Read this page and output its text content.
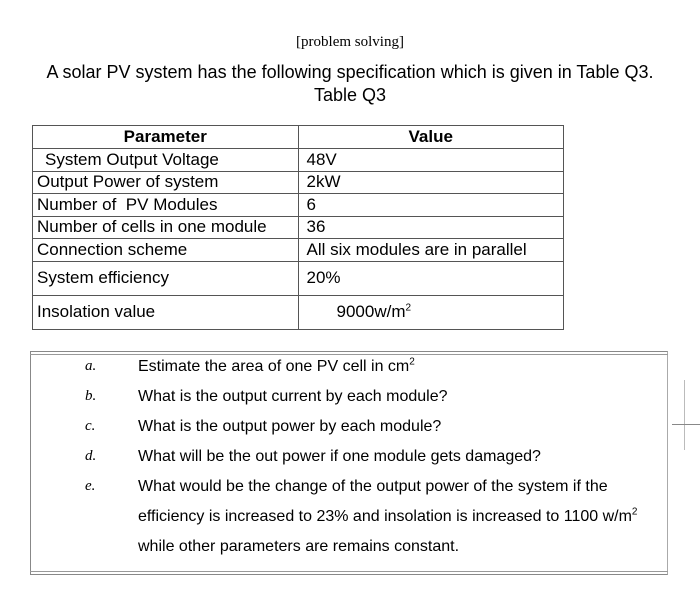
[problem solving]
A solar PV system has the following specification which is given in Table Q3.
Table Q3
Parameter	Value
System Output Voltage	48V
Output Power of system	2kW
Number of  PV Modules	6
Number of cells in one module	36
Connection scheme	All six modules are in parallel
System efficiency	20%
Insolation value	$9000w/m^2$
a.	Estimate the area of one PV cell in $cm^2$
b.	What is the output current by each module?
c.	What is the output power by each module?
d.	What will be the out power if one module gets damaged?
e.	What would be the change of the output power of the system if the efficiency is increased to 23% and insolation is increased to 1100 $w/m^2$ while other parameters are remains constant.
